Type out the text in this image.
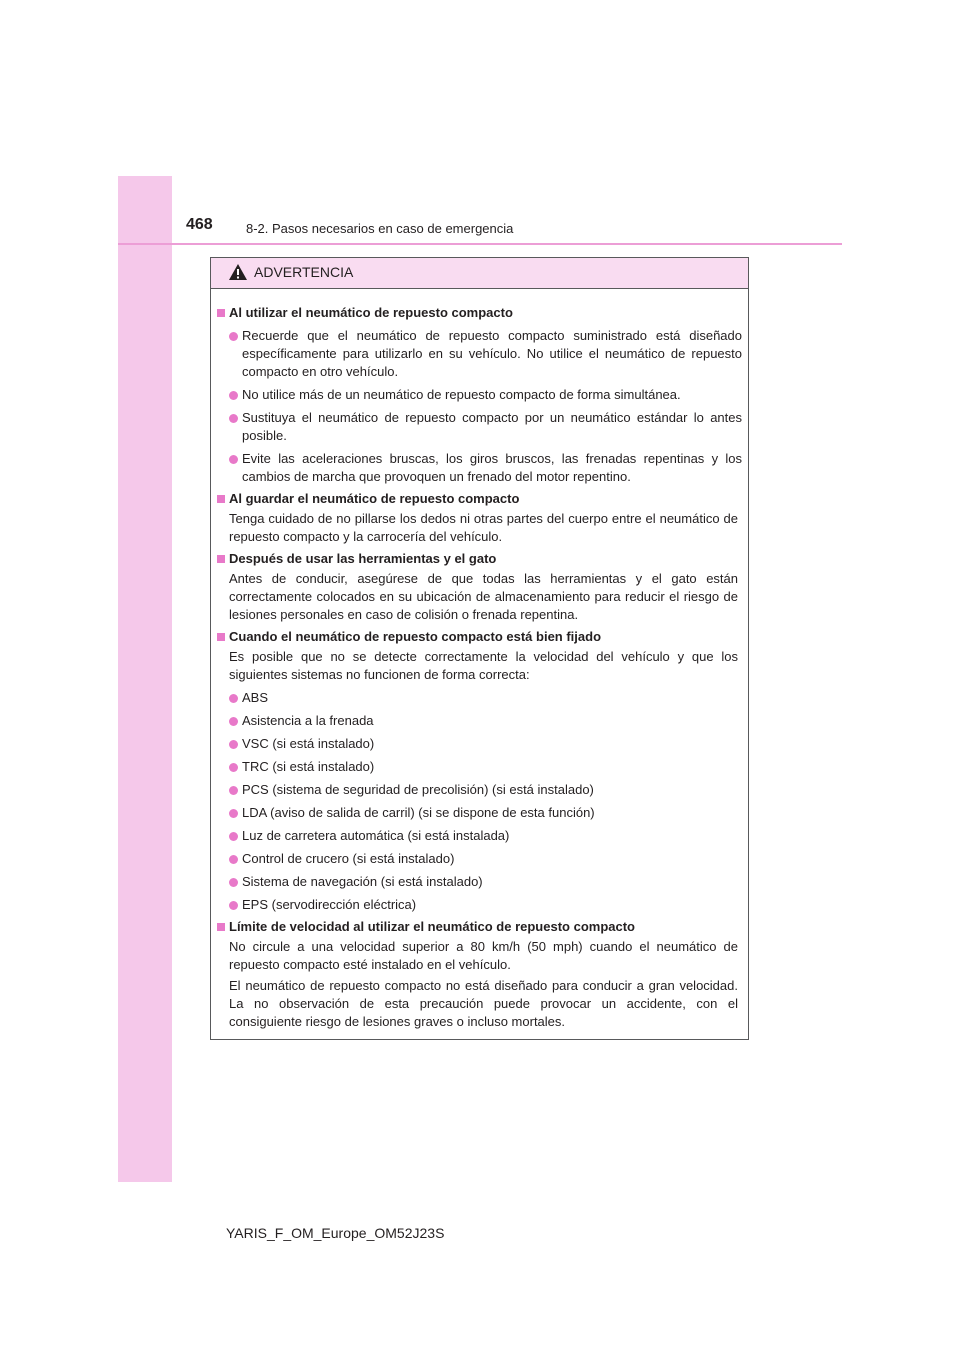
468	8-2. Pasos necesarios en caso de emergencia
ADVERTENCIA
Al utilizar el neumático de repuesto compacto
Recuerde que el neumático de repuesto compacto suministrado está diseñado específicamente para utilizarlo en su vehículo. No utilice el neumático de repuesto compacto en otro vehículo.
No utilice más de un neumático de repuesto compacto de forma simultánea.
Sustituya el neumático de repuesto compacto por un neumático estándar lo antes posible.
Evite las aceleraciones bruscas, los giros bruscos, las frenadas repentinas y los cambios de marcha que provoquen un frenado del motor repentino.
Al guardar el neumático de repuesto compacto
Tenga cuidado de no pillarse los dedos ni otras partes del cuerpo entre el neumático de repuesto compacto y la carrocería del vehículo.
Después de usar las herramientas y el gato
Antes de conducir, asegúrese de que todas las herramientas y el gato están correctamente colocados en su ubicación de almacenamiento para reducir el riesgo de lesiones personales en caso de colisión o frenada repentina.
Cuando el neumático de repuesto compacto está bien fijado
Es posible que no se detecte correctamente la velocidad del vehículo y que los siguientes sistemas no funcionen de forma correcta:
ABS
Asistencia a la frenada
VSC (si está instalado)
TRC (si está instalado)
PCS (sistema de seguridad de precolisión) (si está instalado)
LDA (aviso de salida de carril) (si se dispone de esta función)
Luz de carretera automática (si está instalada)
Control de crucero (si está instalado)
Sistema de navegación (si está instalado)
EPS (servodirección eléctrica)
Límite de velocidad al utilizar el neumático de repuesto compacto
No circule a una velocidad superior a 80 km/h (50 mph) cuando el neumático de repuesto compacto esté instalado en el vehículo.
El neumático de repuesto compacto no está diseñado para conducir a gran velocidad. La no observación de esta precaución puede provocar un accidente, con el consiguiente riesgo de lesiones graves o incluso mortales.
YARIS_F_OM_Europe_OM52J23S
